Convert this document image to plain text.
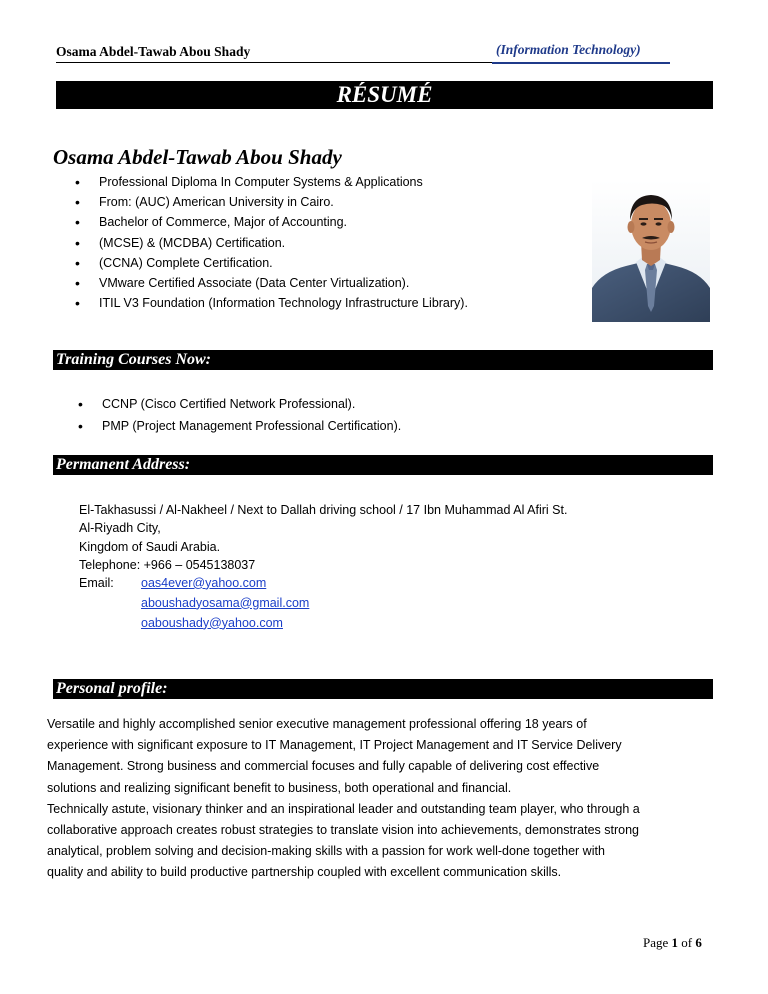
Osama Abdel-Tawab Abou Shady	(Information Technology)
RÉSUMÉ
Osama Abdel-Tawab Abou Shady
• Professional Diploma In Computer Systems & Applications
• From: (AUC) American University in Cairo.
• Bachelor of Commerce, Major of Accounting.
• (MCSE) & (MCDBA) Certification.
• (CCNA) Complete Certification.
• VMware Certified Associate (Data Center Virtualization).
• ITIL V3 Foundation (Information Technology Infrastructure Library).
Training Courses Now:
• CCNP (Cisco Certified Network Professional).
• PMP (Project Management Professional Certification).
Permanent Address:
El-Takhasussi / Al-Nakheel / Next to Dallah driving school / 17 Ibn Muhammad Al Afiri St.
Al-Riyadh City,
Kingdom of Saudi Arabia.
Telephone: +966 – 0545138037
Email: oas4ever@yahoo.com
aboushadyosama@gmail.com
oaboushady@yahoo.com
Personal profile:

Versatile and highly accomplished senior executive management professional offering 18 years of

experience with significant exposure to IT Management, IT Project Management and IT Service Delivery

Management. Strong business and commercial focuses and fully capable of delivering cost effective

solutions and realizing significant benefit to business, both operational and financial.

Technically astute, visionary thinker and an inspirational leader and outstanding team player, who through a

collaborative approach creates robust strategies to translate vision into achievements, demonstrates strong

analytical, problem solving and decision-making skills with a passion for work well-done together with

quality and ability to build productive partnership coupled with excellent communication skills.

Page 1 of 6
